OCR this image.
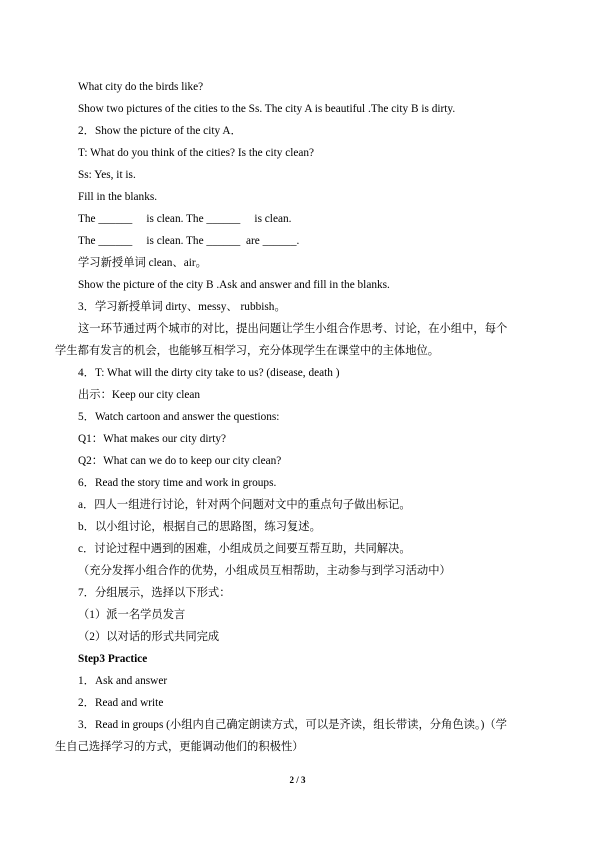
What city do the birds like?
Show two pictures of the cities to the Ss. The city A is beautiful .The city B is dirty.
2．Show the picture of the city A．
T: What do you think of the cities? Is the city clean?
Ss: Yes, it is.
Fill in the blanks.
The ______     is clean. The ______     is clean.
The ______     is clean. The ______  are ______.
学习新授单词 clean、air。
Show the picture of the city B .Ask and answer and fill in the blanks.
3．学习新授单词 dirty、messy、 rubbish。
这一环节通过两个城市的对比，提出问题让学生小组合作思考、讨论，在小组中，每个
学生都有发言的机会，也能够互相学习，充分体现学生在课堂中的主体地位。
4．T: What will the dirty city take to us? (disease, death )
出示：Keep our city clean
5．Watch cartoon and answer the questions:
Q1：What makes our city dirty?
Q2：What can we do to keep our city clean?
6．Read the story time and work in groups.
a．四人一组进行讨论，针对两个问题对文中的重点句子做出标记。
b．以小组讨论，根据自己的思路图，练习复述。
c．讨论过程中遇到的困难，小组成员之间要互帮互助，共同解决。
（充分发挥小组合作的优势，小组成员互相帮助，主动参与到学习活动中）
7．分组展示，选择以下形式：
（1）派一名学员发言
（2）以对话的形式共同完成
Step3 Practice
1．Ask and answer
2．Read and write
3．Read in groups (小组内自己确定朗读方式，可以是齐读，组长带读，分角色读。)（学
生自己选择学习的方式，更能调动他们的积极性）
2 / 3
